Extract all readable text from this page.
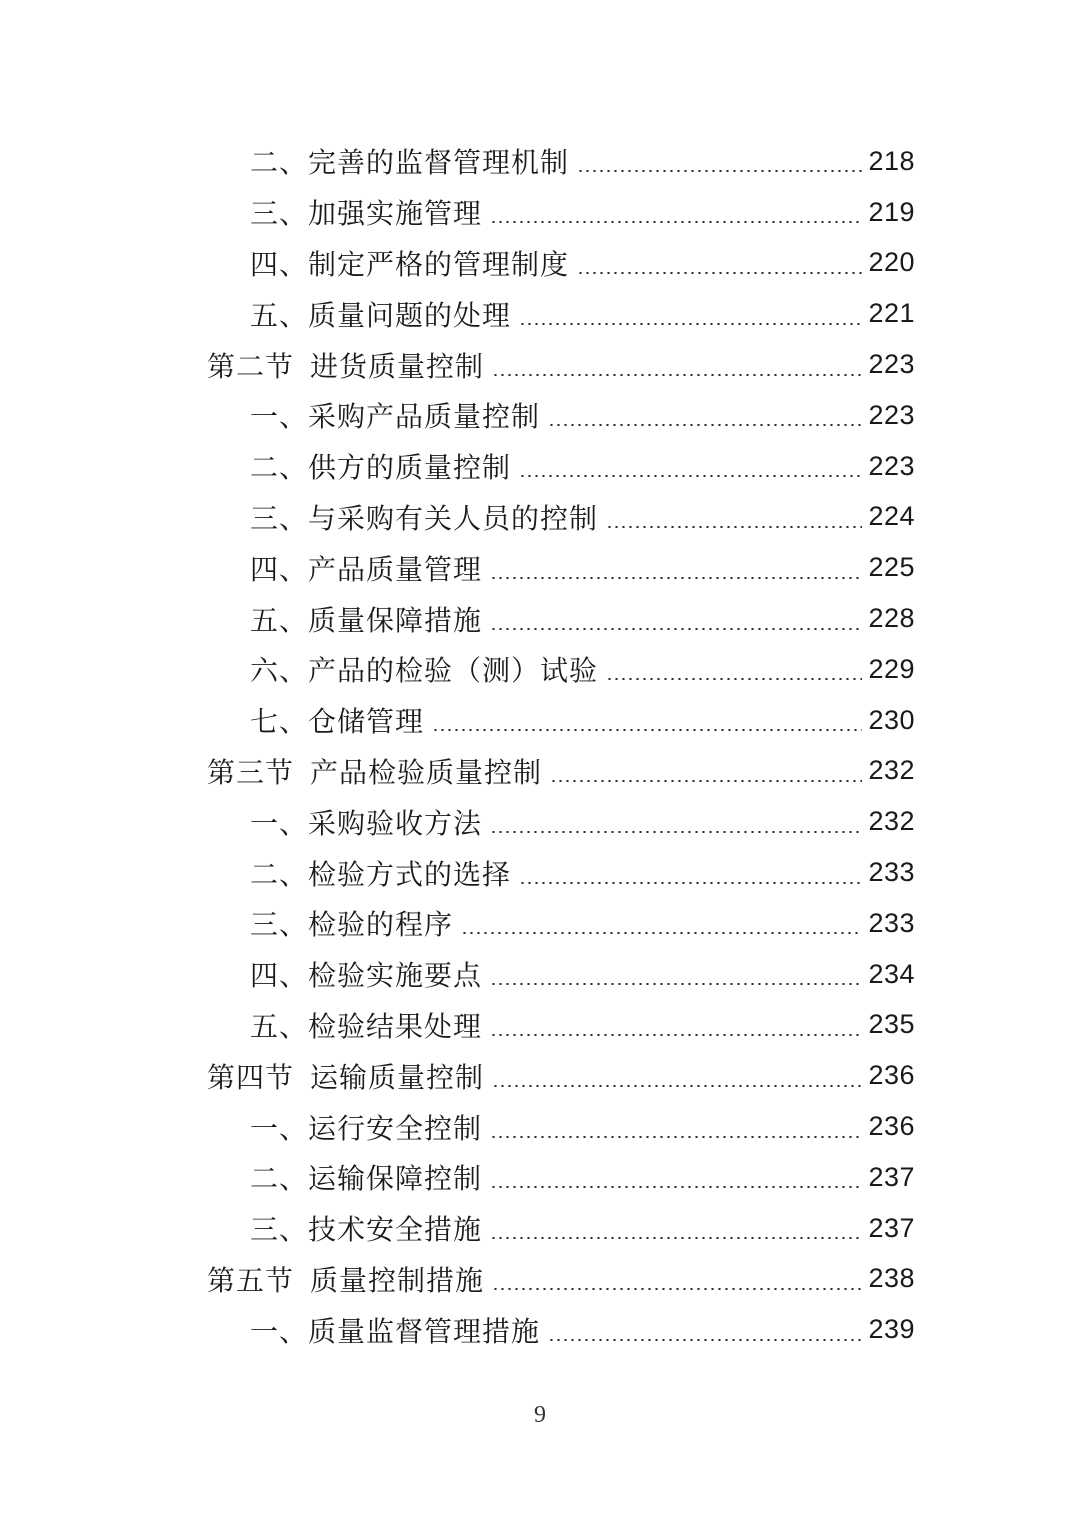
二、完善的监督管理机制	218
三、加强实施管理	219
四、制定严格的管理制度	220
五、质量问题的处理	221
第二节 进货质量控制	223
一、采购产品质量控制	223
二、供方的质量控制	223
三、与采购有关人员的控制	224
四、产品质量管理	225
五、质量保障措施	228
六、产品的检验（测）试验	229
七、仓储管理	230
第三节 产品检验质量控制	232
一、采购验收方法	232
二、检验方式的选择	233
三、检验的程序	233
四、检验实施要点	234
五、检验结果处理	235
第四节 运输质量控制	236
一、运行安全控制	236
二、运输保障控制	237
三、技术安全措施	237
第五节 质量控制措施	238
一、质量监督管理措施	239
9
